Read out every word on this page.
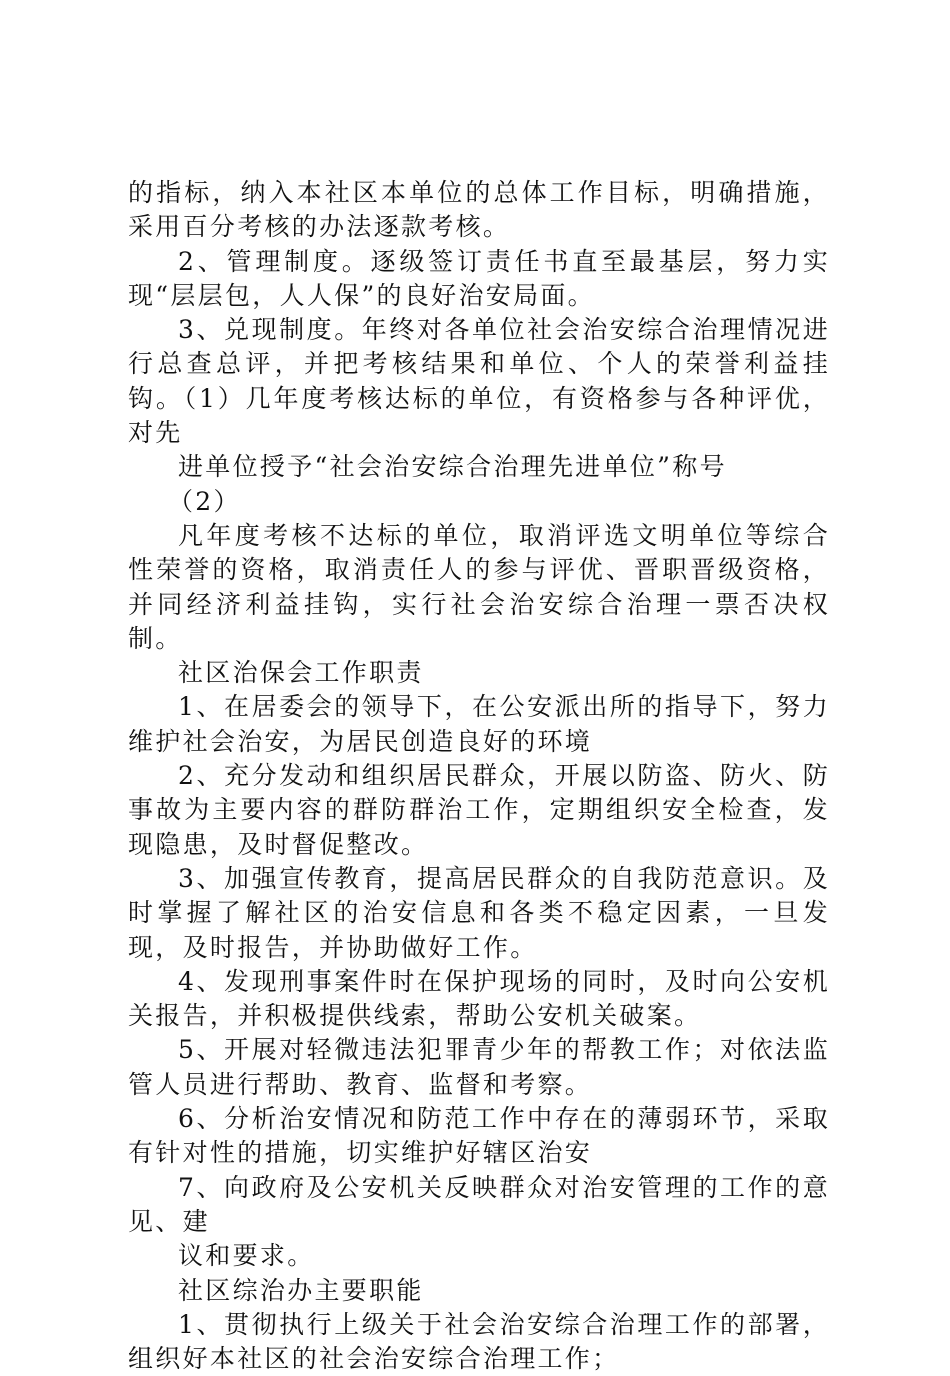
的指标，纳入本社区本单位的总体工作目标，明确措施，采用百分考核的办法逐款考核。

2、管理制度。逐级签订责任书直至最基层，努力实现“层层包，人人保”的良好治安局面。

3、兑现制度。年终对各单位社会治安综合治理情况进行总查总评，并把考核结果和单位、个人的荣誉利益挂钩。（1）几年度考核达标的单位，有资格参与各种评优，对先

进单位授予“社会治安综合治理先进单位”称号

（2）

凡年度考核不达标的单位，取消评选文明单位等综合性荣誉的资格，取消责任人的参与评优、晋职晋级资格，并同经济利益挂钩，实行社会治安综合治理一票否决权制。

社区治保会工作职责

1、在居委会的领导下，在公安派出所的指导下，努力维护社会治安，为居民创造良好的环境

2、充分发动和组织居民群众，开展以防盗、防火、防事故为主要内容的群防群治工作，定期组织安全检查，发现隐患，及时督促整改。

3、加强宣传教育，提高居民群众的自我防范意识。及时掌握了解社区的治安信息和各类不稳定因素，一旦发现，及时报告，并协助做好工作。

4、发现刑事案件时在保护现场的同时，及时向公安机关报告，并积极提供线索，帮助公安机关破案。

5、开展对轻微违法犯罪青少年的帮教工作；对依法监管人员进行帮助、教育、监督和考察。

6、分析治安情况和防范工作中存在的薄弱环节，采取有针对性的措施，切实维护好辖区治安

7、向政府及公安机关反映群众对治安管理的工作的意见、建

议和要求。

社区综治办主要职能

1、贯彻执行上级关于社会治安综合治理工作的部署，组织好本社区的社会治安综合治理工作；
